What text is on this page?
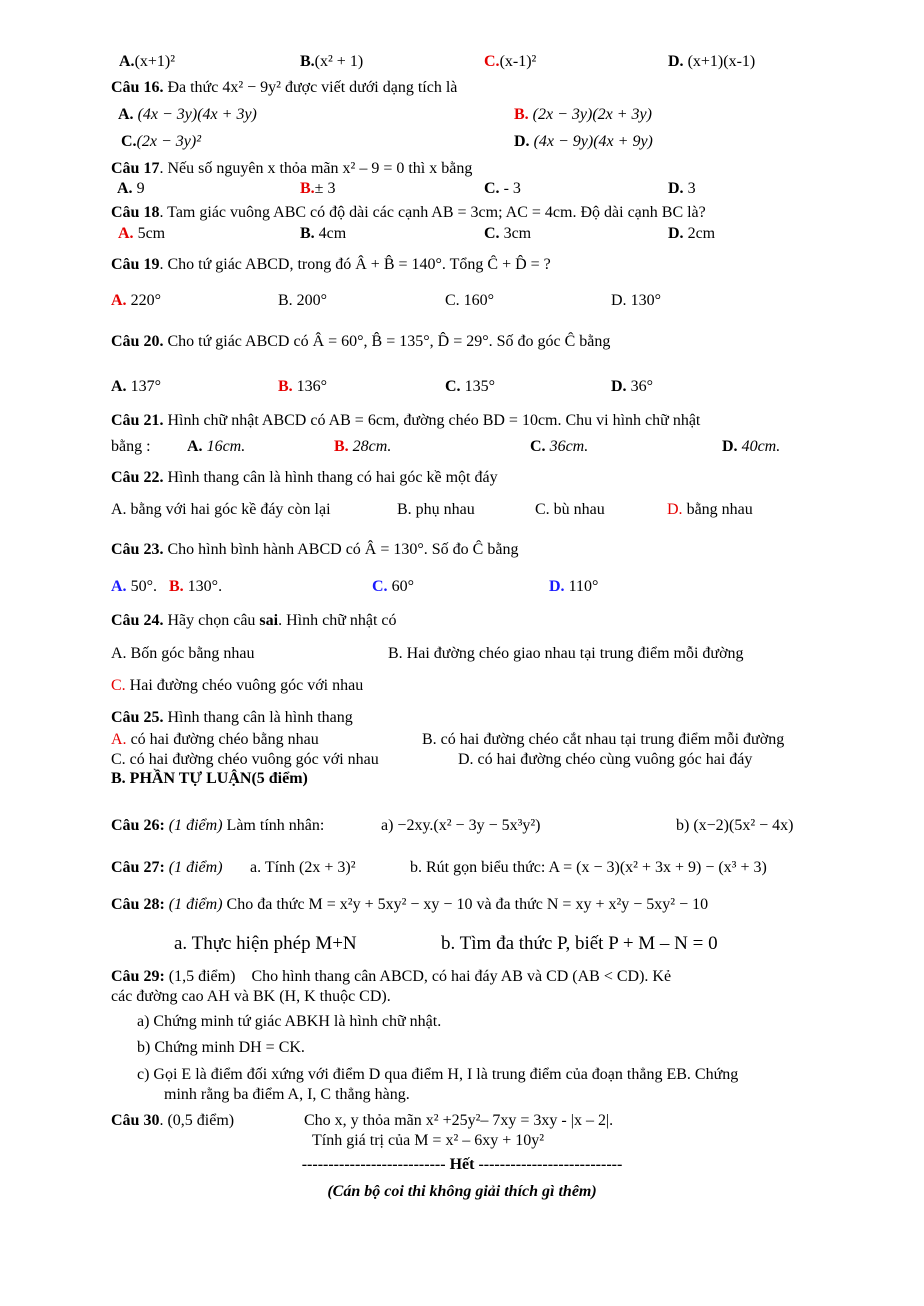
A.(x+1)²	B.(x² + 1)	C.(x-1)²	D. (x+1)(x-1)
Câu 16. Đa thức 4x² − 9y² được viết dưới dạng tích là
A. (4x − 3y)(4x + 3y)	B. (2x − 3y)(2x + 3y)
C.(2x − 3y)²	D. (4x − 9y)(4x + 9y)
Câu 17. Nếu số nguyên x thỏa mãn x² – 9 = 0 thì x bằng
A. 9	B.± 3	C. - 3	D. 3
Câu 18. Tam giác vuông ABC có độ dài các cạnh AB = 3cm; AC = 4cm. Độ dài cạnh BC là?
A. 5cm	B. 4cm	C. 3cm	D. 2cm
Câu 19. Cho tứ giác ABCD, trong đó Â + B̂ = 140°. Tổng Ĉ + D̂ = ?
A. 220°	B. 200°	C. 160°	D. 130°
Câu 20. Cho tứ giác ABCD có Â = 60°, B̂ = 135°, D̂ = 29°. Số đo góc Ĉ bằng
A. 137°	B. 136°	C. 135°	D. 36°
Câu 21. Hình chữ nhật ABCD có AB = 6cm, đường chéo BD = 10cm. Chu vi hình chữ nhật
bằng : A. 16cm.	B. 28cm.	C. 36cm.	D. 40cm.
Câu 22. Hình thang cân là hình thang có hai góc kề một đáy
A. bằng với hai góc kề đáy còn lại	B. phụ nhau	C. bù nhau	D. bằng nhau
Câu 23. Cho hình bình hành ABCD có Â = 130°. Số đo Ĉ bằng
A. 50°. B. 130°.	C. 60°	D. 110°
Câu 24. Hãy chọn câu sai. Hình chữ nhật có
A. Bốn góc bằng nhau	B. Hai đường chéo giao nhau tại trung điểm mỗi đường
C. Hai đường chéo vuông góc với nhau
Câu 25. Hình thang cân là hình thang
A. có hai đường chéo bằng nhau	B. có hai đường chéo cắt nhau tại trung điểm mỗi đường
C. có hai đường chéo vuông góc với nhau	D. có hai đường chéo cùng vuông góc hai đáy
B. PHẦN TỰ LUẬN(5 điểm)
Câu 26: (1 điểm) Làm tính nhân:	a) −2xy.(x² − 3y − 5x³y²)	b) (x−2)(5x² − 4x)
Câu 27: (1 điểm) a. Tính (2x + 3)²	b. Rút gọn biểu thức: A = (x − 3)(x² + 3x + 9) − (x³ + 3)
Câu 28: (1 điểm) Cho đa thức M = x²y + 5xy² − xy − 10 và đa thức N = xy + x²y − 5xy² − 10
a. Thực hiện phép M+N	b. Tìm đa thức P, biết P + M – N = 0
Câu 29: (1,5 điểm) Cho hình thang cân ABCD, có hai đáy AB và CD (AB < CD). Kẻ
các đường cao AH và BK (H, K thuộc CD).
a) Chứng minh tứ giác ABKH là hình chữ nhật.
b) Chứng minh DH = CK.
c) Gọi E là điểm đối xứng với điểm D qua điểm H, I là trung điểm của đoạn thẳng EB. Chứng
minh rằng ba điểm A, I, C thẳng hàng.
Câu 30. (0,5 điểm)	Cho x, y thỏa mãn x² +25y²– 7xy = 3xy - |x – 2|.
Tính giá trị của M = x² – 6xy + 10y²
--------------------------- Hết ---------------------------
(Cán bộ coi thi không giải thích gì thêm)
